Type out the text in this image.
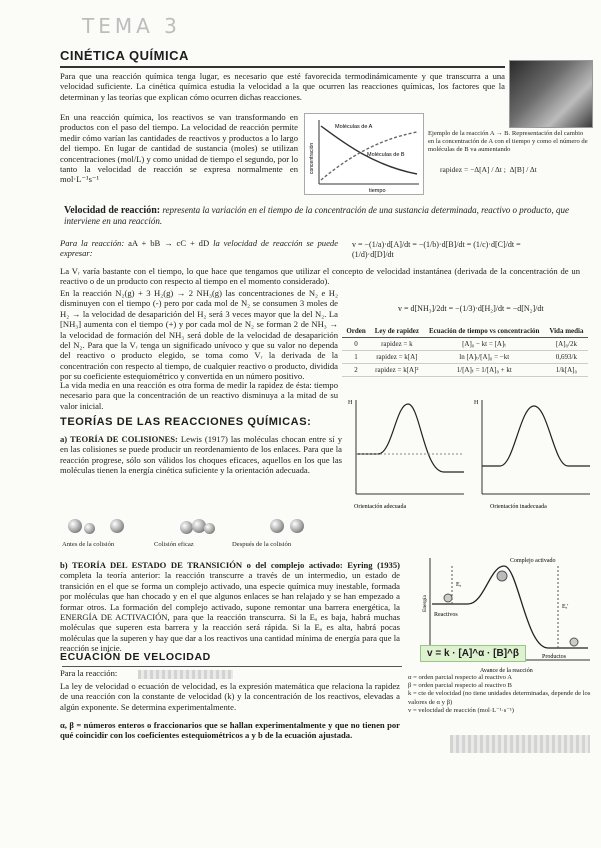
TEMA 3
CINÉTICA QUÍMICA
Para que una reacción química tenga lugar, es necesario que esté favorecida termodinámicamente y que transcurra a una velocidad suficiente. La cinética química estudia la velocidad a la que ocurren las reacciones químicas, los factores que la determinan y las teorías que explican cómo ocurren dichas reacciones.
En una reacción química, los reactivos se van transformando en productos con el paso del tiempo. La velocidad de reacción permite medir cómo varían las cantidades de reactivos y productos a lo largo del tiempo. En lugar de cantidad de sustancia (moles) se utilizan concentraciones (mol/L) y como unidad de tiempo el segundo, por lo tanto la velocidad de reacción se expresa normalmente en mol·L⁻¹s⁻¹
Moléculas de A
Moléculas de B
tiempo
concentración
Ejemplo de la reacción A → B. Representación del cambio en la concentración de A con el tiempo y como el número de moléculas de B va aumentando
rapidez = −Δ[A] / Δt ;  Δ[B] / Δt
Velocidad de reacción: representa la variación en el tiempo de la concentración de una sustancia determinada, reactivo o producto, que interviene en una reacción.
Para la reacción: aA + bB → cC + dD la velocidad de reacción se puede expresar:
v = −(1/a)·d[A]/dt = −(1/b)·d[B]/dt = (1/c)·d[C]/dt = (1/d)·d[D]/dt
La Vᵣ varía bastante con el tiempo, lo que hace que tengamos que utilizar el concepto de velocidad instantánea (derivada de la concentración de un reactivo o de un producto con respecto al tiempo en el momento considerado).
En la reacción N₂(g) + 3 H₂(g) → 2 NH₃(g) las concentraciones de N₂ e H₂ disminuyen con el tiempo (-) pero por cada mol de N₂ se consumen 3 moles de H₂ → la velocidad de desaparición del H₂ será 3 veces mayor que la del N₂. La [NH₃] aumenta con el tiempo (+) y por cada mol de N₂ se forman 2 de NH₃ → la velocidad de formación del NH₃ será doble de la velocidad de desaparición del N₂. Para que la Vᵣ tenga un significado unívoco y que su valor no dependa del reactivo o producto elegido, se toma como Vᵣ la derivada de la concentración con respecto al tiempo, de cualquier reactivo o producto, dividida por su coeficiente estequiométrico y convertida en un número positivo.
v = d[NH₃]/2dt = −(1/3)·d[H₂]/dt = −d[N₂]/dt
Orden	Ley de rapidez	Ecuación de tiempo vs concentración	Vida media
0	rapidez = k	[A]₀ − kt = [A]ₜ	[A]₀/2k
1	rapidez = k[A]	ln [A]ₜ/[A]₀ = −kt	0,693/k
2	rapidez = k[A]²	1/[A]ₜ = 1/[A]₀ + kt	1/k[A]₀
La vida media en una reacción es otra forma de medir la rapidez de ésta: tiempo necesario para que la concentración de un reactivo disminuya a la mitad de su valor inicial.
TEORÍAS DE LAS REACCIONES QUÍMICAS:
a) TEORÍA DE COLISIONES: Lewis (1917) las moléculas chocan entre sí y en las colisiones se puede producir un reordenamiento de los enlaces. Para que la reacción progrese, sólo son válidos los choques eficaces, aquellos en los que las moléculas tienen la energía cinética suficiente y la orientación adecuada.
Antes de la colisión	Colisión eficaz	Después de la colisión
H
Orientación adecuada
H
Orientación inadecuada
b) TEORÍA DEL ESTADO DE TRANSICIÓN o del complejo activado: Eyring (1935) completa la teoría anterior: la reacción transcurre a través de un intermedio, un estado de transición en el que se forma un complejo activado, una especie química muy inestable, formada por moléculas que han chocado y en el que algunos enlaces se han relajado y se han empezado a formar otros. La formación del complejo activado, supone remontar una barrera energética, la ENERGÍA DE ACTIVACIÓN, para que la reacción transcurra. Si la Eₐ es baja, habrá muchas moléculas que superen esta barrera y la reacción será rápida. Si la Eₐ es alta, habrá pocas moléculas que la superen y hay que dar a los reactivos una cantidad mínima de energía para que la reacción se inicie.
Complejo activado
Reactivos
Productos
Eₐ
Eₐ'
Avance de la reacción
Energía
ECUACIÓN DE VELOCIDAD	v = k · [A]^α · [B]^β
Para la reacción:
La ley de velocidad o ecuación de velocidad, es la expresión matemática que relaciona la rapidez de una reacción con la constante de velocidad (k) y la concentración de los reactivos, elevadas a algún exponente. Se determina experimentalmente.
α = orden parcial respecto al reactivo A
β = orden parcial respecto al reactivo B
k = cte de velocidad (no tiene unidades determinadas, depende de los valores de α y β)
v = velocidad de reacción (mol·L⁻¹·s⁻¹)
α, β = números enteros o fraccionarios que se hallan experimentalmente y que no tienen por qué coincidir con los coeficientes estequiométricos a y b de la ecuación ajustada.
